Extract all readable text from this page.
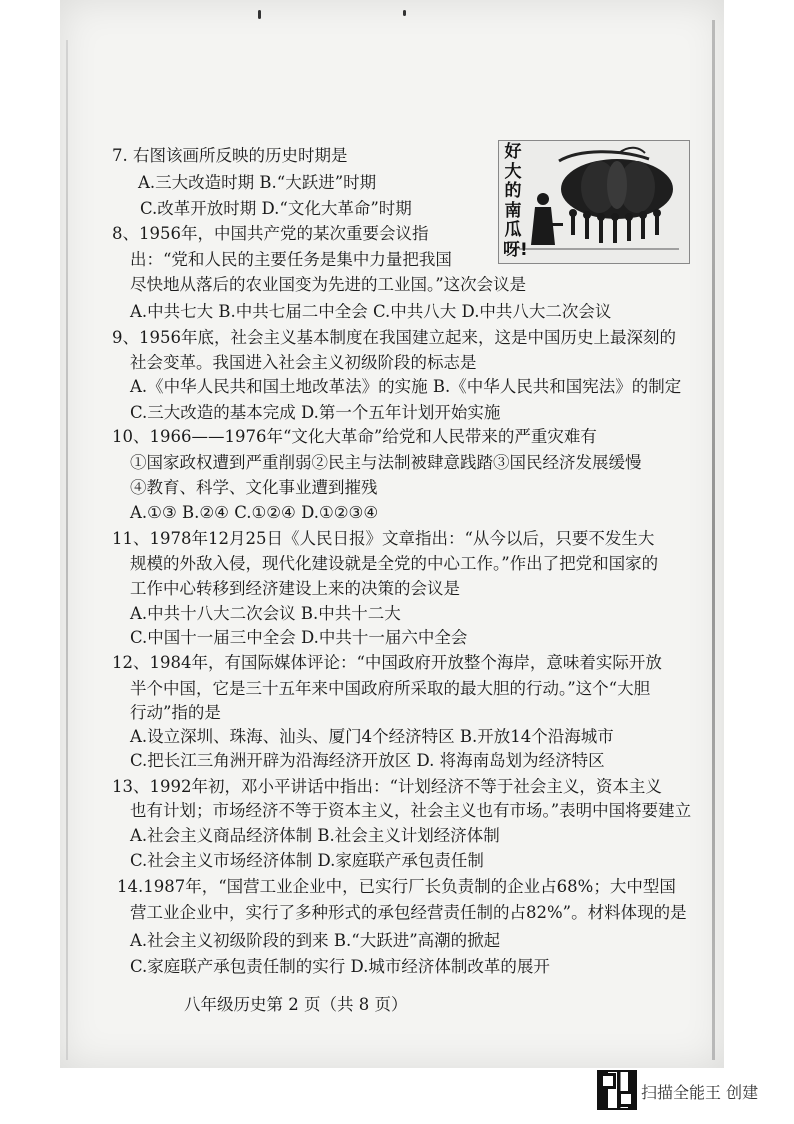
7. 右图该画所反映的历史时期是
A.三大改造时期 B.“大跃进”时期
C.改革开放时期 D.“文化大革命”时期
8、1956年，中国共产党的某次重要会议指
出：“党和人民的主要任务是集中力量把我国
尽快地从落后的农业国变为先进的工业国。”这次会议是
A.中共七大 B.中共七届二中全会 C.中共八大 D.中共八大二次会议
9、1956年底，社会主义基本制度在我国建立起来，这是中国历史上最深刻的
社会变革。我国进入社会主义初级阶段的标志是
A.《中华人民共和国土地改革法》的实施 B.《中华人民共和国宪法》的制定
C.三大改造的基本完成 D.第一个五年计划开始实施
10、1966——1976年“文化大革命”给党和人民带来的严重灾难有
①国家政权遭到严重削弱②民主与法制被肆意践踏③国民经济发展缓慢
④教育、科学、文化事业遭到摧残
A.①③ B.②④ C.①②④ D.①②③④
11、1978年12月25日《人民日报》文章指出：“从今以后，只要不发生大
规模的外敌入侵，现代化建设就是全党的中心工作。”作出了把党和国家的
工作中心转移到经济建设上来的决策的会议是
A.中共十八大二次会议 B.中共十二大
C.中国十一届三中全会 D.中共十一届六中全会
12、1984年，有国际媒体评论：“中国政府开放整个海岸，意味着实际开放
半个中国，它是三十五年来中国政府所采取的最大胆的行动。”这个“大胆
行动”指的是
A.设立深圳、珠海、汕头、厦门4个经济特区 B.开放14个沿海城市
C.把长江三角洲开辟为沿海经济开放区 D. 将海南岛划为经济特区
13、1992年初，邓小平讲话中指出：“计划经济不等于社会主义，资本主义
也有计划；市场经济不等于资本主义，社会主义也有市场。”表明中国将要建立
A.社会主义商品经济体制 B.社会主义计划经济体制
C.社会主义市场经济体制 D.家庭联产承包责任制
14.1987年，“国营工业企业中，已实行厂长负责制的企业占68%；大中型国
营工业企业中，实行了多种形式的承包经营责任制的占82%”。材料体现的是
A.社会主义初级阶段的到来 B.“大跃进”高潮的掀起
C.家庭联产承包责任制的实行 D.城市经济体制改革的展开
好大的南瓜呀!
八年级历史第 2 页（共 8 页）
扫描全能王 创建
